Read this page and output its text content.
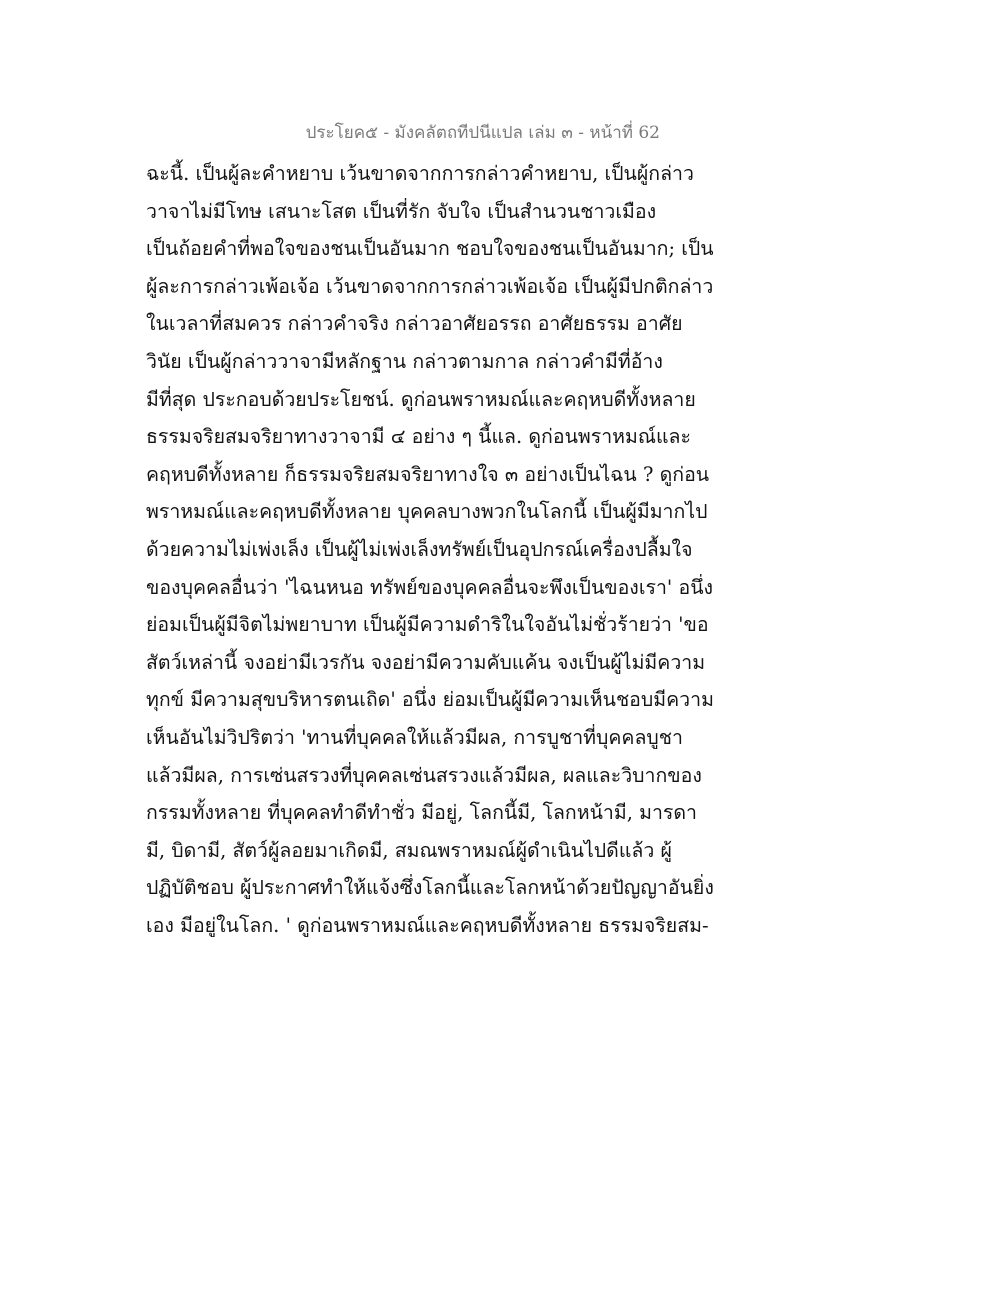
ประโยค๕ - มังคลัตถทีปนีแปล เล่ม ๓ - หน้าที่ 62
ฉะนี้. เป็นผู้ละคำหยาบ เว้นขาดจากการกล่าวคำหยาบ, เป็นผู้กล่าว
วาจาไม่มีโทษ เสนาะโสต เป็นที่รัก จับใจ เป็นสำนวนชาวเมือง
เป็นถ้อยคำที่พอใจของชนเป็นอันมาก ชอบใจของชนเป็นอันมาก; เป็น
ผู้ละการกล่าวเพ้อเจ้อ เว้นขาดจากการกล่าวเพ้อเจ้อ เป็นผู้มีปกติกล่าว
ในเวลาที่สมควร กล่าวคำจริง กล่าวอาศัยอรรถ อาศัยธรรม อาศัย
วินัย เป็นผู้กล่าววาจามีหลักฐาน กล่าวตามกาล กล่าวคำมีที่อ้าง
มีที่สุด ประกอบด้วยประโยชน์. ดูก่อนพราหมณ์และคฤหบดีทั้งหลาย
ธรรมจริยสมจริยาทางวาจามี ๔ อย่าง ๆ นี้แล. ดูก่อนพราหมณ์และ
คฤหบดีทั้งหลาย ก็ธรรมจริยสมจริยาทางใจ ๓ อย่างเป็นไฉน ? ดูก่อน
พราหมณ์และคฤหบดีทั้งหลาย บุคคลบางพวกในโลกนี้ เป็นผู้มีมากไป
ด้วยความไม่เพ่งเล็ง เป็นผู้ไม่เพ่งเล็งทรัพย์เป็นอุปกรณ์เครื่องปลื้มใจ
ของบุคคลอื่นว่า 'ไฉนหนอ ทรัพย์ของบุคคลอื่นจะพึงเป็นของเรา' อนึ่ง
ย่อมเป็นผู้มีจิตไม่พยาบาท เป็นผู้มีความดำริในใจอันไม่ชั่วร้ายว่า 'ขอ
สัตว์เหล่านี้ จงอย่ามีเวรกัน จงอย่ามีความคับแค้น จงเป็นผู้ไม่มีความ
ทุกข์ มีความสุขบริหารตนเถิด' อนึ่ง ย่อมเป็นผู้มีความเห็นชอบมีความ
เห็นอันไม่วิปริตว่า 'ทานที่บุคคลให้แล้วมีผล, การบูชาที่บุคคลบูชา
แล้วมีผล, การเซ่นสรวงที่บุคคลเซ่นสรวงแล้วมีผล, ผลและวิบากของ
กรรมทั้งหลาย ที่บุคคลทำดีทำชั่ว มีอยู่, โลกนี้มี, โลกหน้ามี, มารดา
มี, บิดามี, สัตว์ผู้ลอยมาเกิดมี, สมณพราหมณ์ผู้ดำเนินไปดีแล้ว ผู้
ปฏิบัติชอบ ผู้ประกาศทำให้แจ้งซึ่งโลกนี้และโลกหน้าด้วยปัญญาอันยิ่ง
เอง มีอยู่ในโลก. ' ดูก่อนพราหมณ์และคฤหบดีทั้งหลาย ธรรมจริยสม-
